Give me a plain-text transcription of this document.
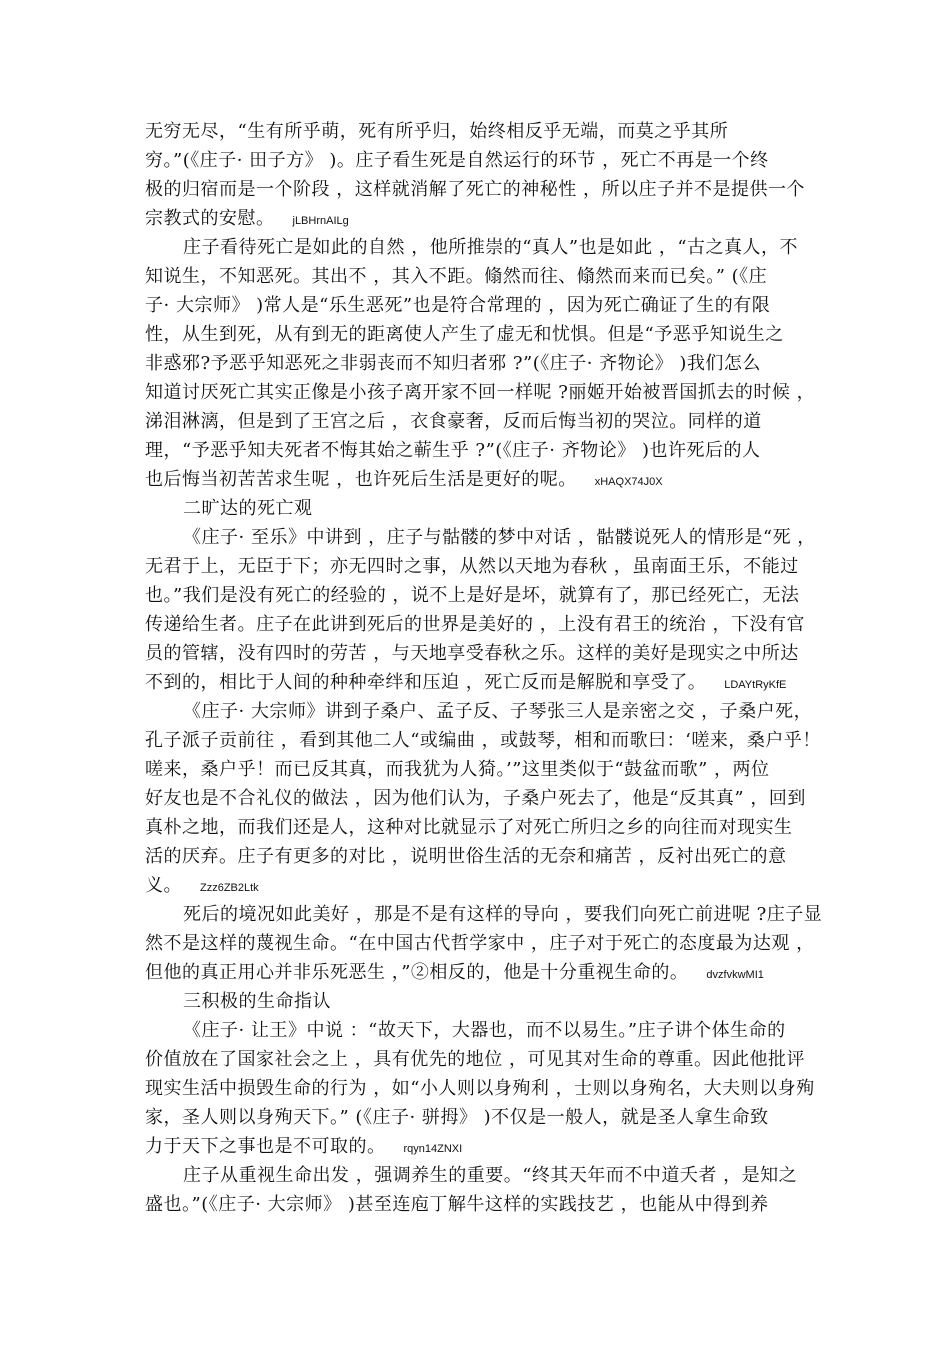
无穷无尽，“生有所乎萌，死有所乎归，始终相反乎无端，而莫之乎其所
穷。”(《庄子· 田子方》 )。庄子看生死是自然运行的环节 ，死亡不再是一个终
极的归宿而是一个阶段 ，这样就消解了死亡的神秘性 ，所以庄子并不是提供一个
宗教式的安慰。 jLBHrnAILg
庄子看待死亡是如此的自然 ，他所推崇的“真人”也是如此 ，“古之真人，不
知说生，不知恶死。其出不 ，其入不距。翛然而往、翛然而来而已矣。” (《庄
子· 大宗师》 )常人是“乐生恶死”也是符合常理的 ，因为死亡确证了生的有限
性，从生到死，从有到无的距离使人产生了虚无和忧惧。但是“予恶乎知说生之
非惑邪?予恶乎知恶死之非弱丧而不知归者邪 ?”(《庄子· 齐物论》 )我们怎么
知道讨厌死亡其实正像是小孩子离开家不回一样呢 ?丽姬开始被晋国抓去的时候 ，
涕泪淋漓，但是到了王宫之后 ，衣食豪奢，反而后悔当初的哭泣。同样的道
理，“予恶乎知夫死者不悔其始之蕲生乎 ?”(《庄子· 齐物论》 )也许死后的人
也后悔当初苦苦求生呢 ，也许死后生活是更好的呢。 xHAQX74J0X
二旷达的死亡观
《庄子· 至乐》中讲到 ，庄子与骷髅的梦中对话 ，骷髅说死人的情形是“死 ，
无君于上，无臣于下；亦无四时之事，从然以天地为春秋 ，虽南面王乐，不能过
也。”我们是没有死亡的经验的 ，说不上是好是坏，就算有了，那已经死亡，无法
传递给生者。庄子在此讲到死后的世界是美好的 ，上没有君王的统治 ，下没有官
员的管辖，没有四时的劳苦 ，与天地享受春秋之乐。这样的美好是现实之中所达
不到的，相比于人间的种种牵绊和压迫 ，死亡反而是解脱和享受了。 LDAYtRyKfE
《庄子· 大宗师》讲到子桑户、孟子反、子琴张三人是亲密之交 ，子桑户死，
孔子派子贡前往 ，看到其他二人“或编曲 ，或鼓琴，相和而歌曰：‘嗟来，桑户乎！
嗟来，桑户乎！而已反其真，而我犹为人猗。’”这里类似于“鼓盆而歌” ，两位
好友也是不合礼仪的做法 ，因为他们认为，子桑户死去了，他是“反其真” ，回到
真朴之地，而我们还是人，这种对比就显示了对死亡所归之乡的向往而对现实生
活的厌弃。庄子有更多的对比 ，说明世俗生活的无奈和痛苦 ，反衬出死亡的意
义。 Zzz6ZB2Ltk
死后的境况如此美好 ，那是不是有这样的导向 ，要我们向死亡前进呢 ?庄子显
然不是这样的蔑视生命。“在中国古代哲学家中 ，庄子对于死亡的态度最为达观 ，
但他的真正用心并非乐死恶生 ，”②相反的，他是十分重视生命的。 dvzfvkwMI1
三积极的生命指认
《庄子· 让王》中说 ：“故天下，大器也，而不以易生。”庄子讲个体生命的
价值放在了国家社会之上 ，具有优先的地位 ，可见其对生命的尊重。因此他批评
现实生活中损毁生命的行为 ，如“小人则以身殉利 ，士则以身殉名，大夫则以身殉
家，圣人则以身殉天下。” (《庄子· 骈拇》 )不仅是一般人，就是圣人拿生命致
力于天下之事也是不可取的。 rqyn14ZNXI
庄子从重视生命出发 ，强调养生的重要。“终其天年而不中道夭者 ，是知之
盛也。”(《庄子· 大宗师》 )甚至连庖丁解牛这样的实践技艺 ，也能从中得到养
